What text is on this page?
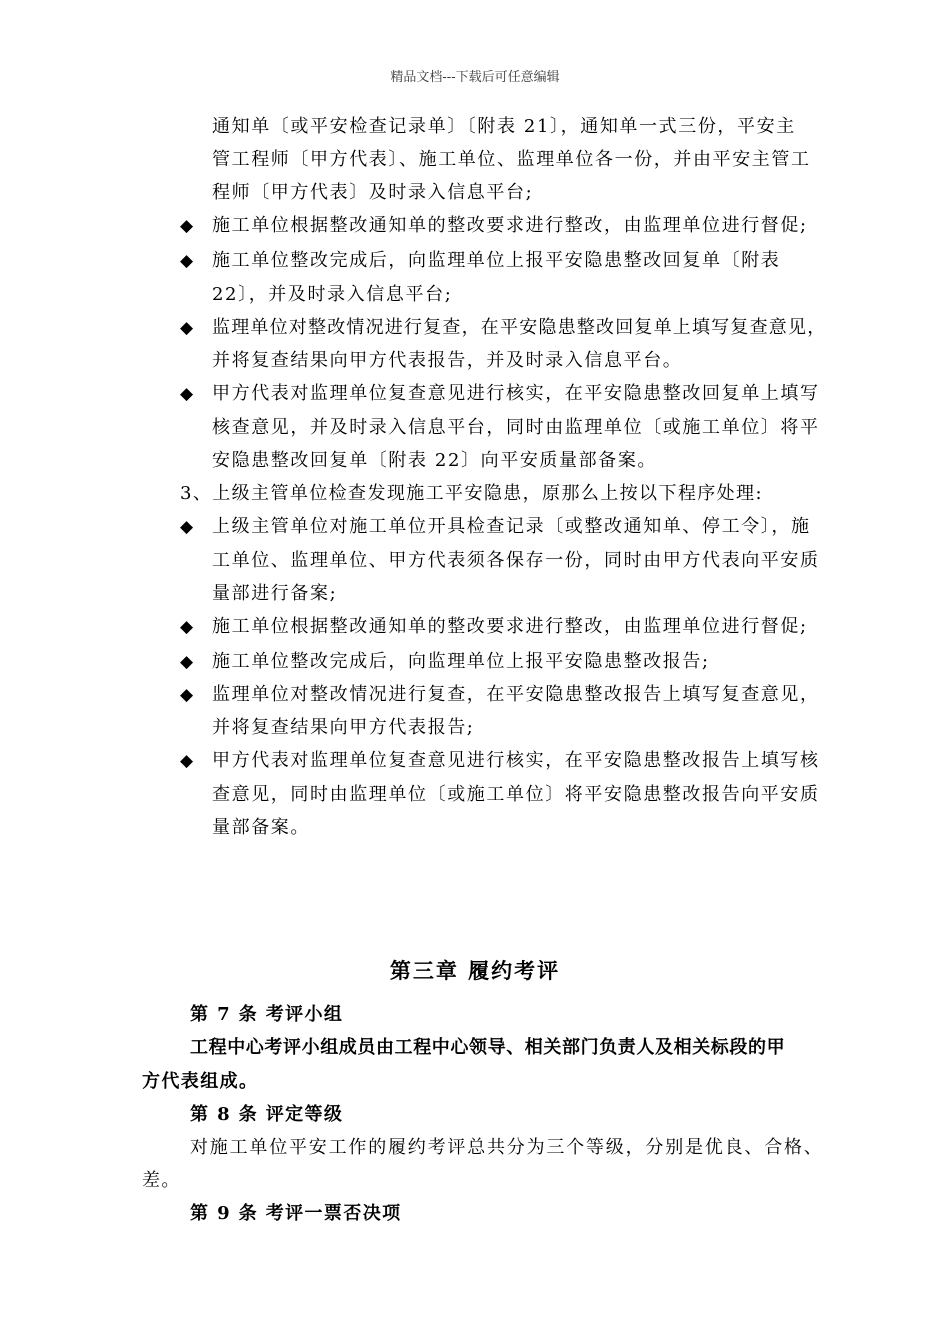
精品文档---下载后可任意编辑
通知单〔或平安检查记录单〕〔附表 21〕，通知单一式三份，平安主
管工程师〔甲方代表〕、施工单位、监理单位各一份，并由平安主管工
程师〔甲方代表〕及时录入信息平台;
◆ 施工单位根据整改通知单的整改要求进行整改，由监理单位进行督促;
◆ 施工单位整改完成后，向监理单位上报平安隐患整改回复单〔附表
22〕，并及时录入信息平台;
◆ 监理单位对整改情况进行复查，在平安隐患整改回复单上填写复查意见，
并将复查结果向甲方代表报告，并及时录入信息平台。
◆ 甲方代表对监理单位复查意见进行核实，在平安隐患整改回复单上填写
核查意见，并及时录入信息平台，同时由监理单位〔或施工单位〕将平
安隐患整改回复单〔附表 22〕向平安质量部备案。
3、上级主管单位检查发现施工平安隐患，原那么上按以下程序处理:
◆ 上级主管单位对施工单位开具检查记录〔或整改通知单、停工令〕，施
工单位、监理单位、甲方代表须各保存一份，同时由甲方代表向平安质
量部进行备案;
◆ 施工单位根据整改通知单的整改要求进行整改，由监理单位进行督促;
◆ 施工单位整改完成后，向监理单位上报平安隐患整改报告;
◆ 监理单位对整改情况进行复查，在平安隐患整改报告上填写复查意见，
并将复查结果向甲方代表报告;
◆ 甲方代表对监理单位复查意见进行核实，在平安隐患整改报告上填写核
查意见，同时由监理单位〔或施工单位〕将平安隐患整改报告向平安质
量部备案。
第三章 履约考评
第 7 条 考评小组
工程中心考评小组成员由工程中心领导、相关部门负责人及相关标段的甲
方代表组成。
第 8 条 评定等级
对施工单位平安工作的履约考评总共分为三个等级，分别是优良、合格、
差。
第 9 条 考评一票否决项
